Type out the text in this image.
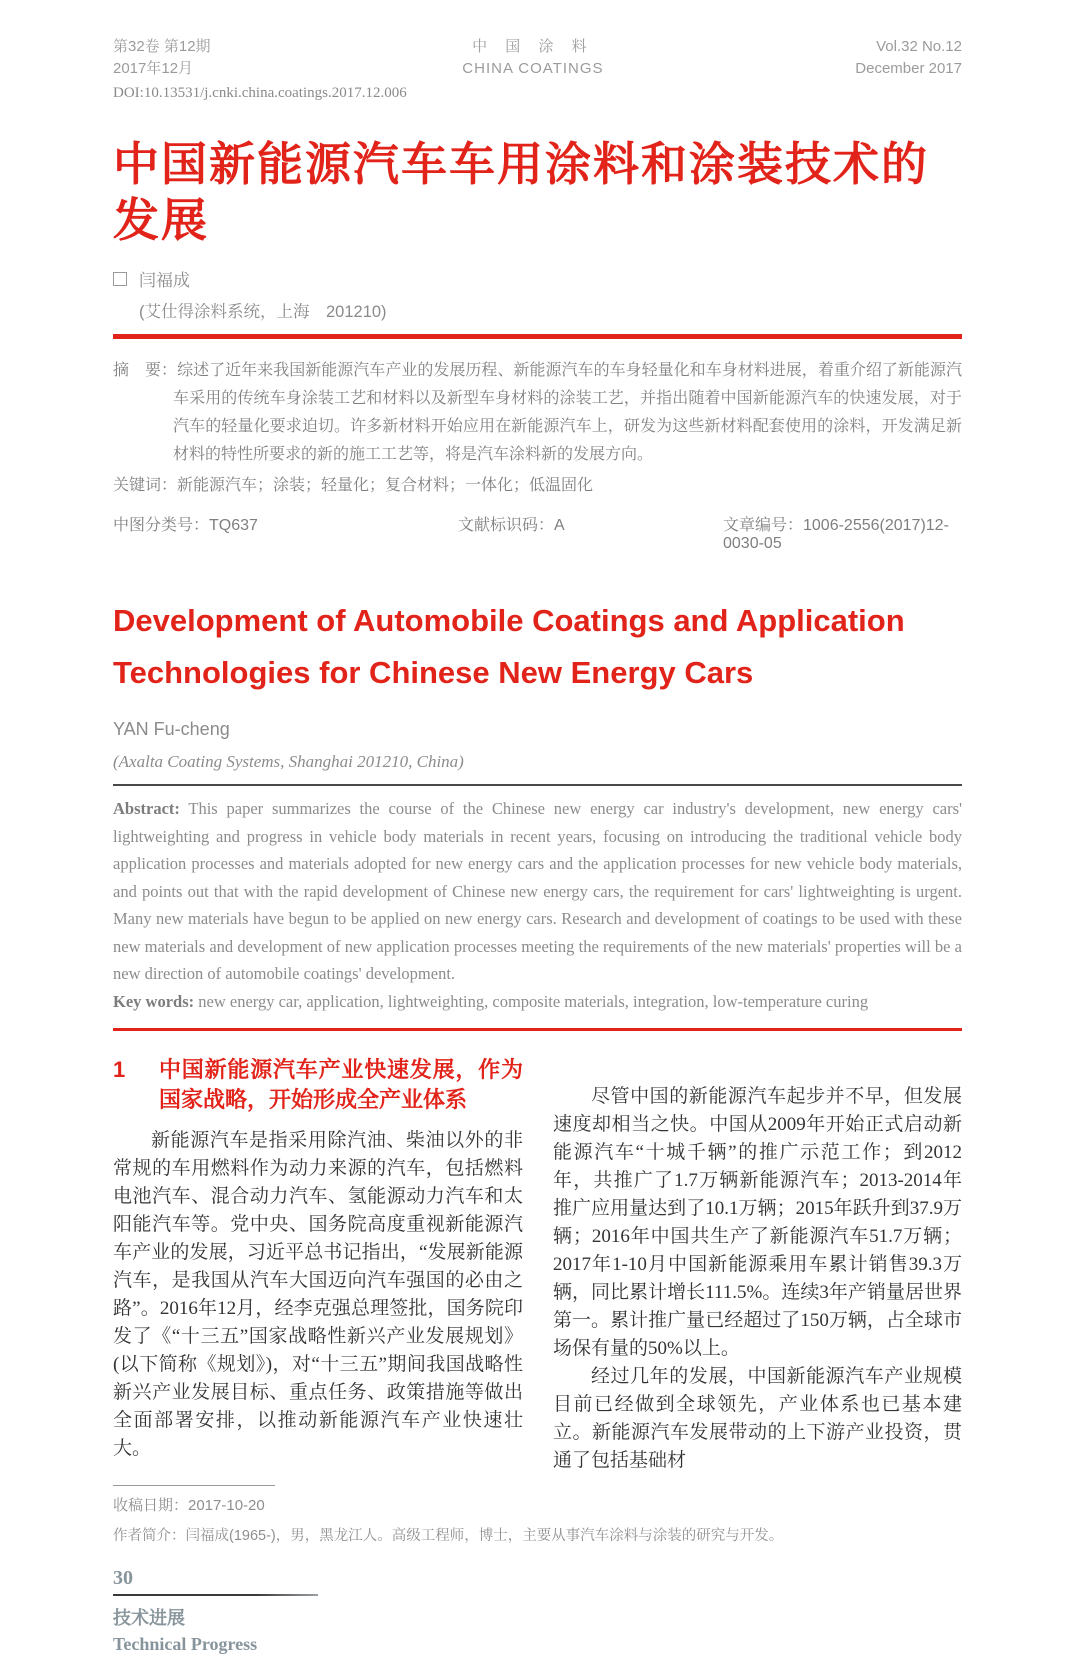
第32卷 第12期
2017年12月
中 国 涂 料
CHINA COATINGS
Vol.32 No.12
December 2017
DOI:10.13531/j.cnki.china.coatings.2017.12.006
中国新能源汽车车用涂料和涂装技术的发展
闫福成
(艾仕得涂料系统，上海　201210)
摘　要：综述了近年来我国新能源汽车产业的发展历程、新能源汽车的车身轻量化和车身材料进展，着重介绍了新能源汽车采用的传统车身涂装工艺和材料以及新型车身材料的涂装工艺，并指出随着中国新能源汽车的快速发展，对于汽车的轻量化要求迫切。许多新材料开始应用在新能源汽车上，研发为这些新材料配套使用的涂料，开发满足新材料的特性所要求的新的施工工艺等，将是汽车涂料新的发展方向。
关键词：新能源汽车；涂装；轻量化；复合材料；一体化；低温固化
中图分类号：TQ637	文献标识码：A	文章编号：1006-2556(2017)12-0030-05
Development of Automobile Coatings and Application Technologies for Chinese New Energy Cars
YAN Fu-cheng
(Axalta Coating Systems, Shanghai 201210, China)
Abstract: This paper summarizes the course of the Chinese new energy car industry's development, new energy cars' lightweighting and progress in vehicle body materials in recent years, focusing on introducing the traditional vehicle body application processes and materials adopted for new energy cars and the application processes for new vehicle body materials, and points out that with the rapid development of Chinese new energy cars, the requirement for cars' lightweighting is urgent. Many new materials have begun to be applied on new energy cars. Research and development of coatings to be used with these new materials and development of new application processes meeting the requirements of the new materials' properties will be a new direction of automobile coatings' development.
Key words: new energy car, application, lightweighting, composite materials, integration, low-temperature curing
1	中国新能源汽车产业快速发展，作为国家战略，开始形成全产业体系

新能源汽车是指采用除汽油、柴油以外的非常规的车用燃料作为动力来源的汽车，包括燃料电池汽车、混合动力汽车、氢能源动力汽车和太阳能汽车等。党中央、国务院高度重视新能源汽车产业的发展，习近平总书记指出，“发展新能源汽车，是我国从汽车大国迈向汽车强国的必由之路”。2016年12月，经李克强总理签批，国务院印发了《“十三五”国家战略性新兴产业发展规划》(以下简称《规划》)，对“十三五”期间我国战略性新兴产业发展目标、重点任务、政策措施等做出全面部署安排，以推动新能源汽车产业快速壮大。

尽管中国的新能源汽车起步并不早，但发展速度却相当之快。中国从2009年开始正式启动新能源汽车“十城千辆”的推广示范工作；到2012年，共推广了1.7万辆新能源汽车；2013-2014年推广应用量达到了10.1万辆；2015年跃升到37.9万辆；2016年中国共生产了新能源汽车51.7万辆；2017年1-10月中国新能源乘用车累计销售39.3万辆，同比累计增长111.5%。连续3年产销量居世界第一。累计推广量已经超过了150万辆，占全球市场保有量的50%以上。

经过几年的发展，中国新能源汽车产业规模目前已经做到全球领先，产业体系也已基本建立。新能源汽车发展带动的上下游产业投资，贯通了包括基础材

收稿日期：2017-10-20
作者简介：闫福成(1965-)，男，黑龙江人。高级工程师，博士，主要从事汽车涂料与涂装的研究与开发。
30
技术进展
Technical Progress
